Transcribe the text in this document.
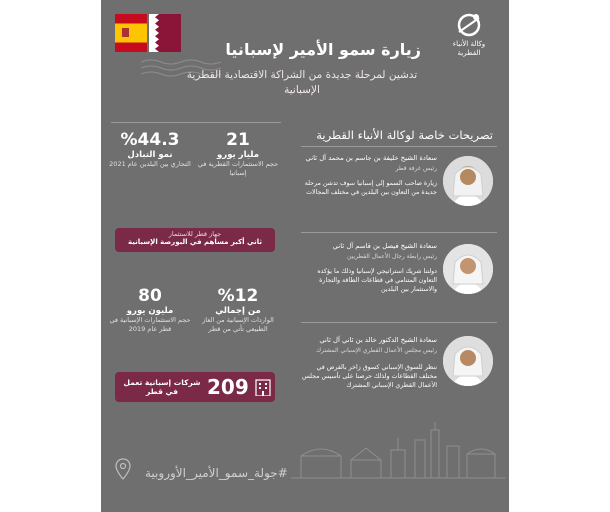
وكالة الأنباء
القطرية
زيارة سمو الأمير لإسبانيا
تدشين لمرحلة جديدة من الشراكة الاقتصادية القطرية الإسبانية
21
مليار يورو
حجم الاستثمارات القطرية في إسبانيا
%44.3
نمو التبادل
التجاري بين البلدين عام 2021
جهاز قطر للاستثمار
ثاني أكبر مساهم في البورصة الإسبانية
%12
من إجمالي
الواردات الإسبانية من الغاز الطبيعي تأتي من قطر
80
مليون يورو
حجم الاستثمارات الإسبانية في قطر عام 2019
209
شركات إسبانية تعمل في قطر
تصريحات خاصة لوكالة الأنباء القطرية
سعادة الشيخ خليفة بن جاسم بن محمد آل ثاني
رئيس غرفة قطر
زيارة صاحب السمو إلى إسبانيا سوف تدشن مرحلة جديدة من التعاون بين البلدين في مختلف المجالات
سعادة الشيخ فيصل بن قاسم آل ثاني
رئيس رابطة رجال الأعمال القطريين
دولتنا شريك استراتيجي لإسبانيا وذلك ما يؤكده التعاون المتنامي في قطاعات الطاقة والتجارة والاستثمار بين البلدين
سعادة الشيخ الدكتور خالد بن ثاني آل ثاني
رئيس مجلس الأعمال القطري الإسباني المشترك
ننظر للسوق الإسباني كسوق زاخر بالفرص في مختلف القطاعات ولذلك حرصنا على تأسيس مجلس الأعمال القطري الإسباني المشترك
#جولة_سمو_الأمير_الأوروبية
